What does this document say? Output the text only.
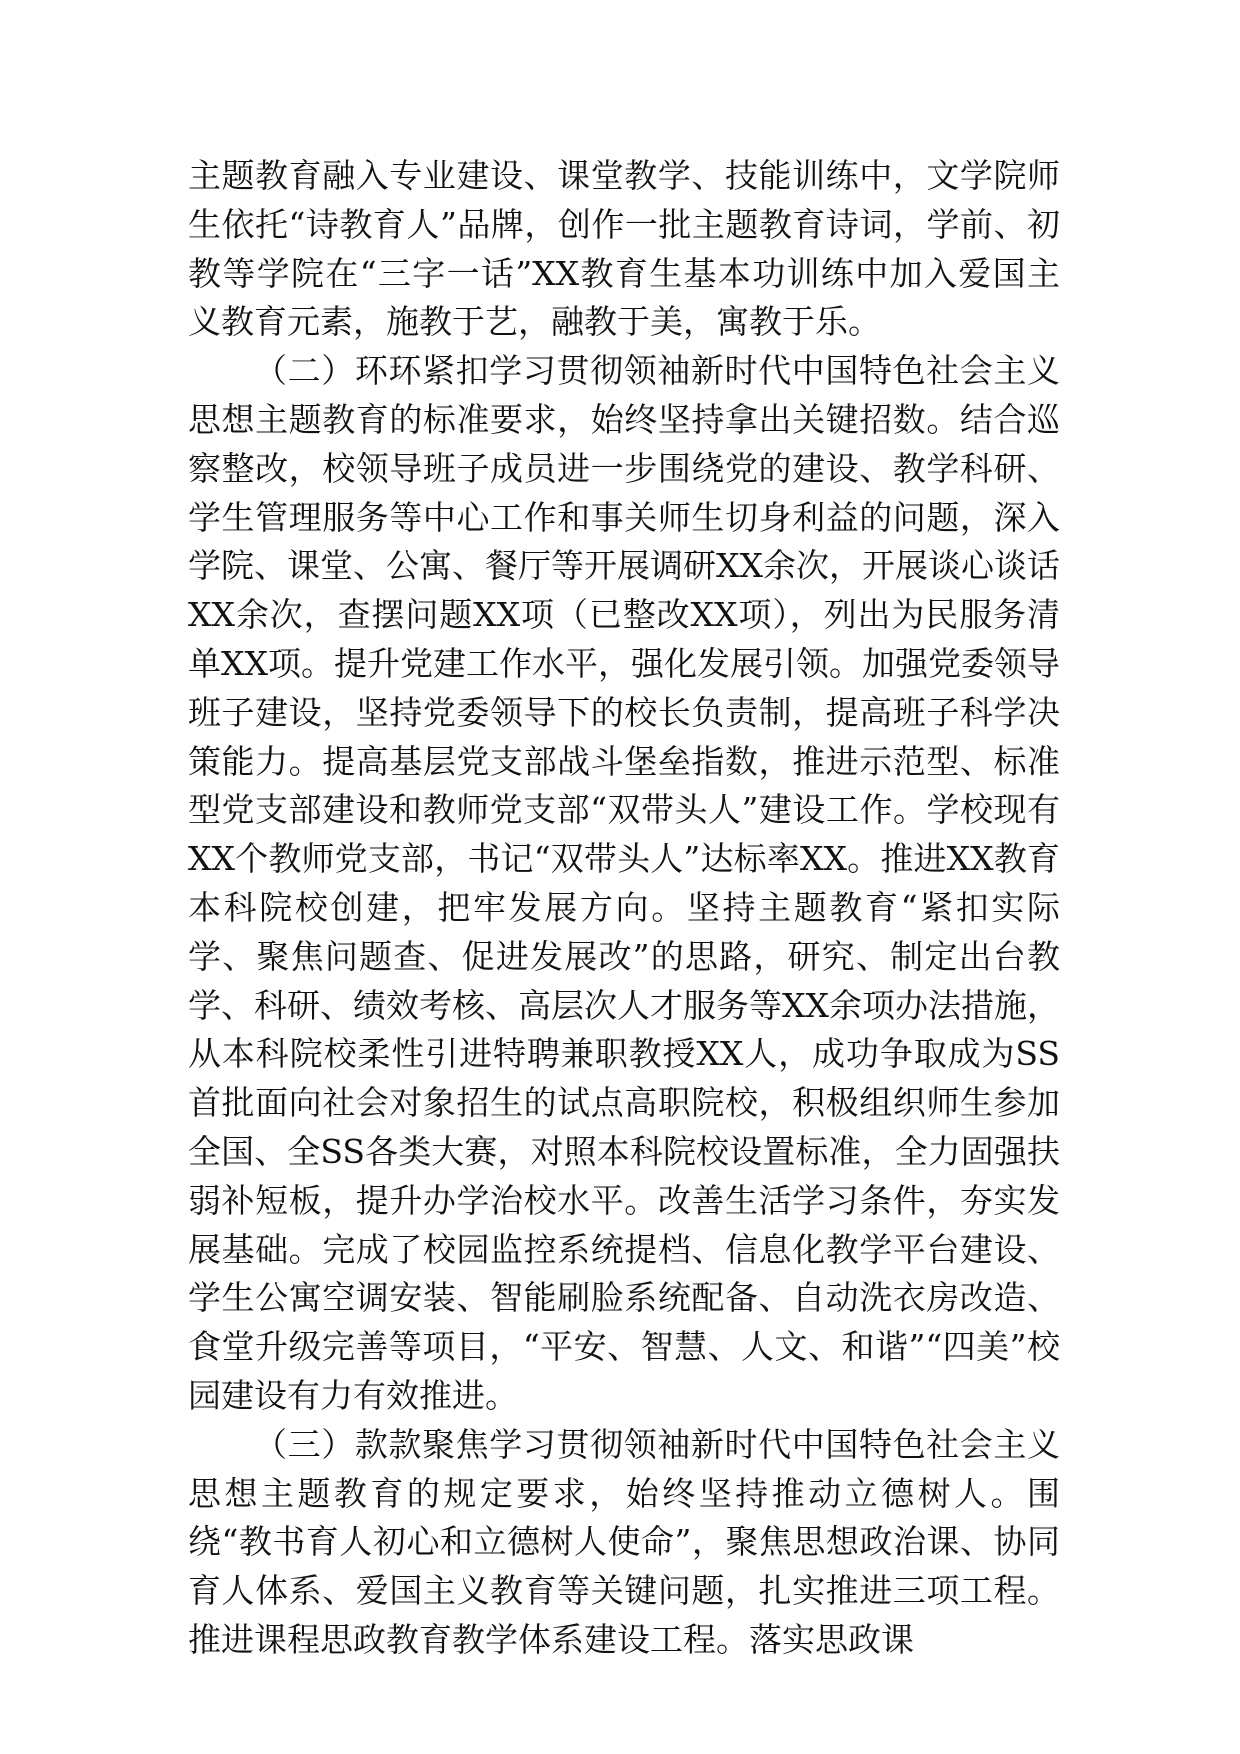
主题教育融入专业建设、课堂教学、技能训练中，文学院师生依托“诗教育人”品牌，创作一批主题教育诗词，学前、初教等学院在“三字一话”XX教育生基本功训练中加入爱国主义教育元素，施教于艺，融教于美，寓教于乐。

（二）环环紧扣学习贯彻领袖新时代中国特色社会主义思想主题教育的标准要求，始终坚持拿出关键招数。结合巡察整改，校领导班子成员进一步围绕党的建设、教学科研、学生管理服务等中心工作和事关师生切身利益的问题，深入学院、课堂、公寓、餐厅等开展调研XX余次，开展谈心谈话XX余次，查摆问题XX项（已整改XX项），列出为民服务清单XX项。提升党建工作水平，强化发展引领。加强党委领导班子建设，坚持党委领导下的校长负责制，提高班子科学决策能力。提高基层党支部战斗堡垒指数，推进示范型、标准型党支部建设和教师党支部“双带头人”建设工作。学校现有XX个教师党支部，书记“双带头人”达标率XX。推进XX教育本科院校创建，把牢发展方向。坚持主题教育“紧扣实际学、聚焦问题查、促进发展改”的思路，研究、制定出台教学、科研、绩效考核、高层次人才服务等XX余项办法措施，从本科院校柔性引进特聘兼职教授XX人，成功争取成为SS首批面向社会对象招生的试点高职院校，积极组织师生参加全国、全SS各类大赛，对照本科院校设置标准，全力固强扶弱补短板，提升办学治校水平。改善生活学习条件，夯实发展基础。完成了校园监控系统提档、信息化教学平台建设、学生公寓空调安装、智能刷脸系统配备、自动洗衣房改造、食堂升级完善等项目，“平安、智慧、人文、和谐”“四美”校园建设有力有效推进。

（三）款款聚焦学习贯彻领袖新时代中国特色社会主义思想主题教育的规定要求，始终坚持推动立德树人。围绕“教书育人初心和立德树人使命”，聚焦思想政治课、协同育人体系、爱国主义教育等关键问题，扎实推进三项工程。推进课程思政教育教学体系建设工程。落实思政课
